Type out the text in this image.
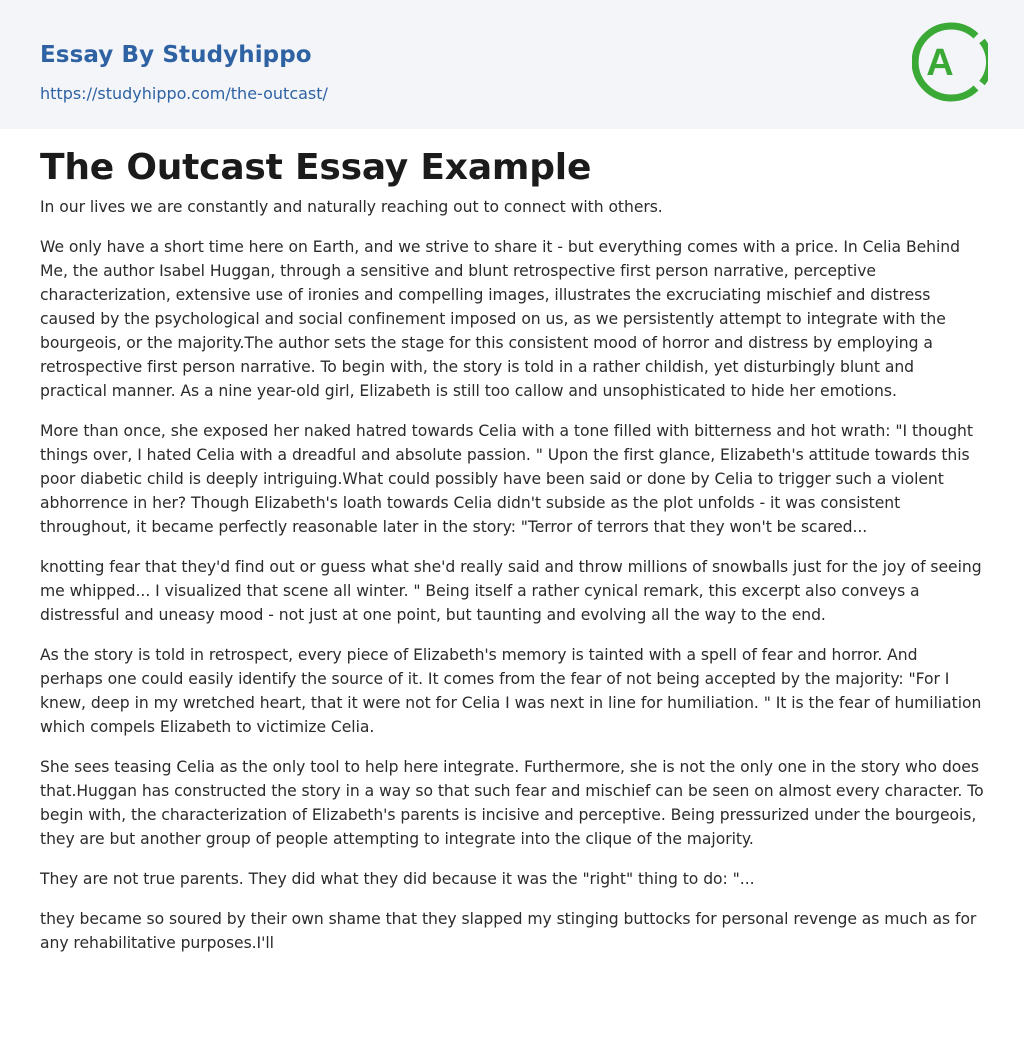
Essay By Studyhippo
https://studyhippo.com/the-outcast/
A
The Outcast Essay Example

In our lives we are constantly and naturally reaching out to connect with others.

We only have a short time here on Earth, and we strive to share it - but everything comes with a price. In Celia Behind Me, the author Isabel Huggan, through a sensitive and blunt retrospective first person narrative, perceptive characterization, extensive use of ironies and compelling images, illustrates the excruciating mischief and distress caused by the psychological and social confinement imposed on us, as we persistently attempt to integrate with the bourgeois, or the majority.The author sets the stage for this consistent mood of horror and distress by employing a retrospective first person narrative. To begin with, the story is told in a rather childish, yet disturbingly blunt and practical manner. As a nine year-old girl, Elizabeth is still too callow and unsophisticated to hide her emotions.

More than once, she exposed her naked hatred towards Celia with a tone filled with bitterness and hot wrath: "I thought things over, I hated Celia with a dreadful and absolute passion. " Upon the first glance, Elizabeth's attitude towards this poor diabetic child is deeply intriguing.What could possibly have been said or done by Celia to trigger such a violent abhorrence in her? Though Elizabeth's loath towards Celia didn't subside as the plot unfolds - it was consistent throughout, it became perfectly reasonable later in the story: "Terror of terrors that they won't be scared...

knotting fear that they'd find out or guess what she'd really said and throw millions of snowballs just for the joy of seeing me whipped... I visualized that scene all winter. " Being itself a rather cynical remark, this excerpt also conveys a distressful and uneasy mood - not just at one point, but taunting and evolving all the way to the end.

As the story is told in retrospect, every piece of Elizabeth's memory is tainted with a spell of fear and horror. And perhaps one could easily identify the source of it. It comes from the fear of not being accepted by the majority: "For I knew, deep in my wretched heart, that it were not for Celia I was next in line for humiliation. " It is the fear of humiliation which compels Elizabeth to victimize Celia.

She sees teasing Celia as the only tool to help here integrate. Furthermore, she is not the only one in the story who does that.Huggan has constructed the story in a way so that such fear and mischief can be seen on almost every character. To begin with, the characterization of Elizabeth's parents is incisive and perceptive. Being pressurized under the bourgeois, they are but another group of people attempting to integrate into the clique of the majority.

They are not true parents. They did what they did because it was the "right" thing to do: "...

they became so soured by their own shame that they slapped my stinging buttocks for personal revenge as much as for any rehabilitative purposes.I'll
